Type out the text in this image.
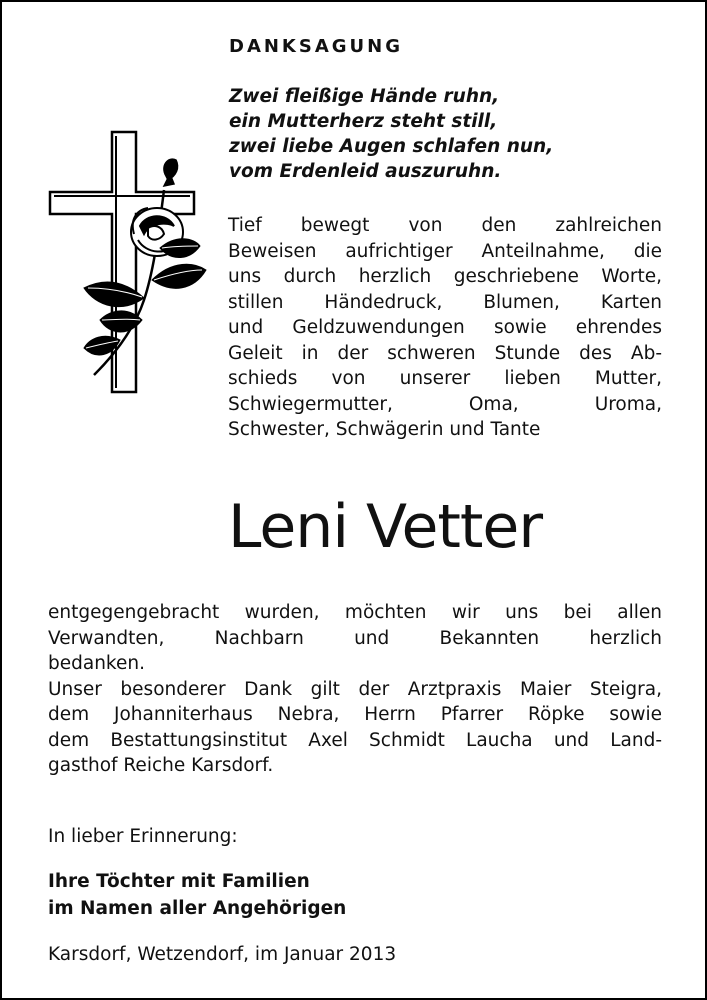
DANKSAGUNG
Zwei fleißige Hände ruhn,
ein Mutterherz steht still,
zwei liebe Augen schlafen nun,
vom Erdenleid auszuruhn.
Tief bewegt von den zahlreichen
Beweisen aufrichtiger Anteilnahme, die
uns durch herzlich geschriebene Worte,
stillen Händedruck, Blumen, Karten
und Geldzuwendungen sowie ehrendes
Geleit in der schweren Stunde des Ab-
schieds von unserer lieben Mutter,
Schwiegermutter, Oma, Uroma,
Schwester, Schwägerin und Tante
Leni Vetter
entgegengebracht wurden, möchten wir uns bei allen
Verwandten, Nachbarn und Bekannten herzlich
bedanken.
Unser besonderer Dank gilt der Arztpraxis Maier Steigra,
dem Johanniterhaus Nebra, Herrn Pfarrer Röpke sowie
dem Bestattungsinstitut Axel Schmidt Laucha und Land-
gasthof Reiche Karsdorf.
In lieber Erinnerung:
Ihre Töchter mit Familien
im Namen aller Angehörigen
Karsdorf, Wetzendorf, im Januar 2013
